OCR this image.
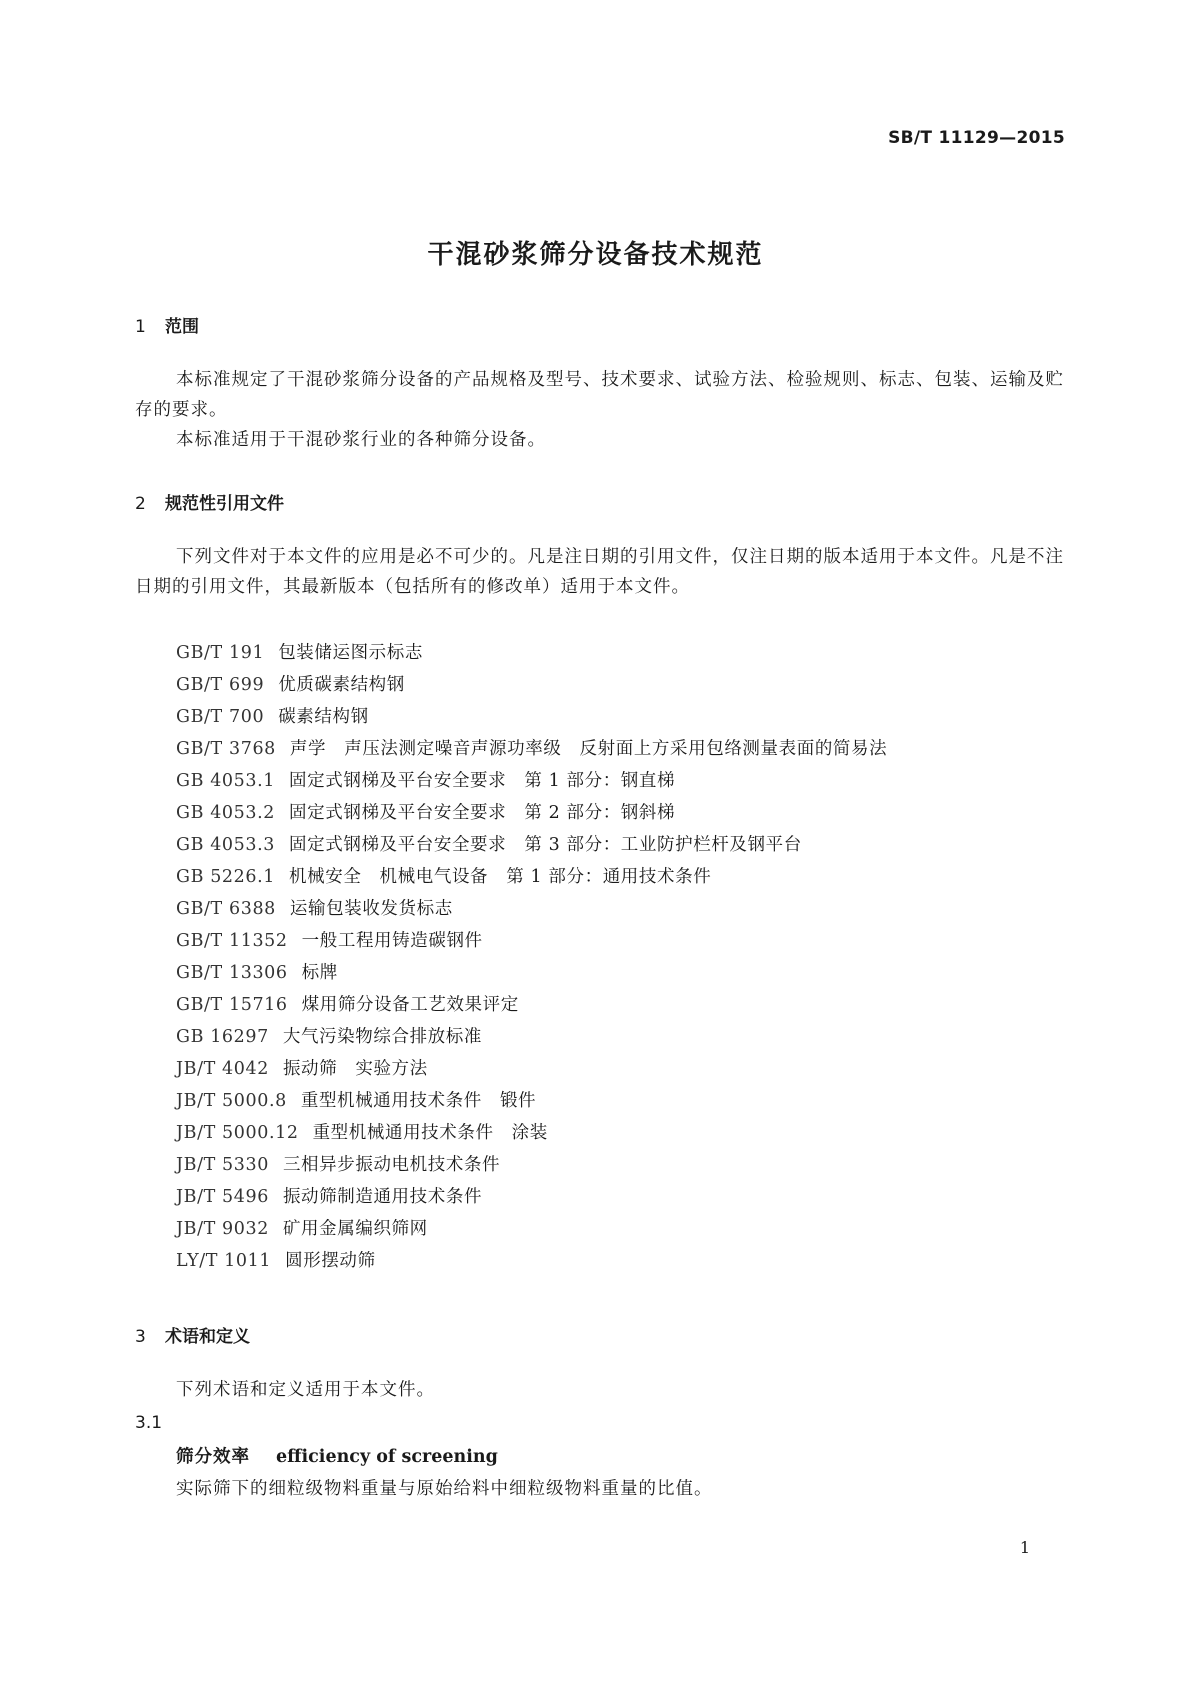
SB/T 11129—2015
干混砂浆筛分设备技术规范
1 范围
本标准规定了干混砂浆筛分设备的产品规格及型号、技术要求、试验方法、检验规则、标志、包装、运输及贮存的要求。
本标准适用于干混砂浆行业的各种筛分设备。
2 规范性引用文件
下列文件对于本文件的应用是必不可少的。凡是注日期的引用文件，仅注日期的版本适用于本文件。凡是不注日期的引用文件，其最新版本（包括所有的修改单）适用于本文件。
GB/T 191 包装储运图示标志
GB/T 699 优质碳素结构钢
GB/T 700 碳素结构钢
GB/T 3768 声学　声压法测定噪音声源功率级　反射面上方采用包络测量表面的简易法
GB 4053.1 固定式钢梯及平台安全要求　第 1 部分：钢直梯
GB 4053.2 固定式钢梯及平台安全要求　第 2 部分：钢斜梯
GB 4053.3 固定式钢梯及平台安全要求　第 3 部分：工业防护栏杆及钢平台
GB 5226.1 机械安全　机械电气设备　第 1 部分：通用技术条件
GB/T 6388 运输包装收发货标志
GB/T 11352 一般工程用铸造碳钢件
GB/T 13306 标牌
GB/T 15716 煤用筛分设备工艺效果评定
GB 16297 大气污染物综合排放标准
JB/T 4042 振动筛　实验方法
JB/T 5000.8 重型机械通用技术条件　锻件
JB/T 5000.12 重型机械通用技术条件　涂装
JB/T 5330 三相异步振动电机技术条件
JB/T 5496 振动筛制造通用技术条件
JB/T 9032 矿用金属编织筛网
LY/T 1011 圆形摆动筛
3 术语和定义
下列术语和定义适用于本文件。
3.1
筛分效率 efficiency of screening
实际筛下的细粒级物料重量与原始给料中细粒级物料重量的比值。
1
